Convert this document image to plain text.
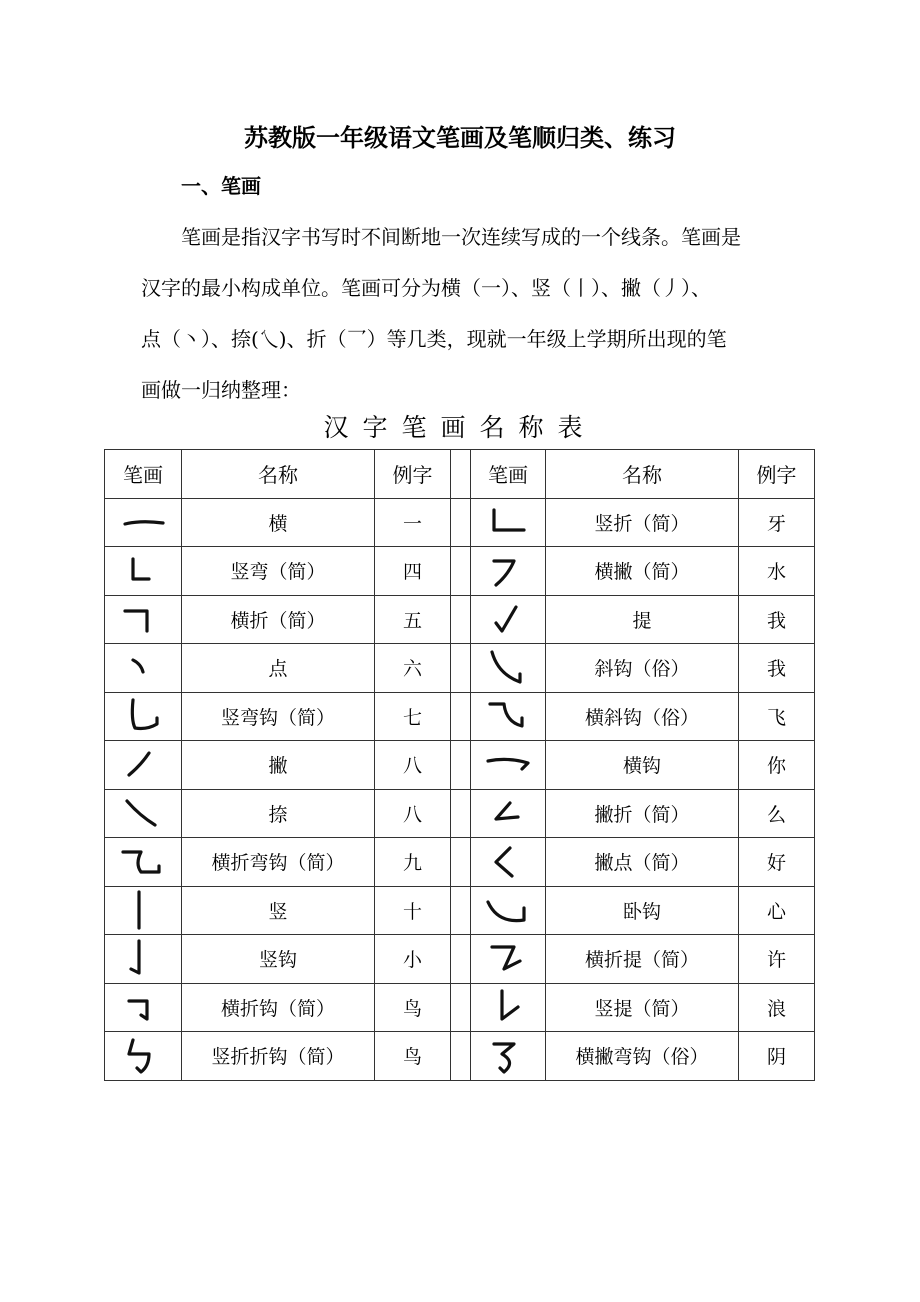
苏教版一年级语文笔画及笔顺归类、练习
一、笔画
笔画是指汉字书写时不间断地一次连续写成的一个线条。笔画是
汉字的最小构成单位。笔画可分为横（一）、竖（丨）、撇（丿）、
点（丶）、捺(乀)、折（乛）等几类，现就一年级上学期所出现的笔
画做一归纳整理：
汉字笔画名称表
笔画	名称	例字		笔画	名称	例字

	横	一			竖折（简）	牙

	竖弯（简）	四			横撇（简）	水

	横折（简）	五			提	我

	点	六			斜钩（俗）	我

	竖弯钩（简）	七			横斜钩（俗）	飞

	撇	八			横钩	你

	捺	八			撇折（简）	么

	横折弯钩（简）	九			撇点（简）	好

	竖	十			卧钩	心

	竖钩	小			横折提（简）	许

	横折钩（简）	鸟			竖提（简）	浪

	竖折折钩（简）	鸟			横撇弯钩（俗）	阴
